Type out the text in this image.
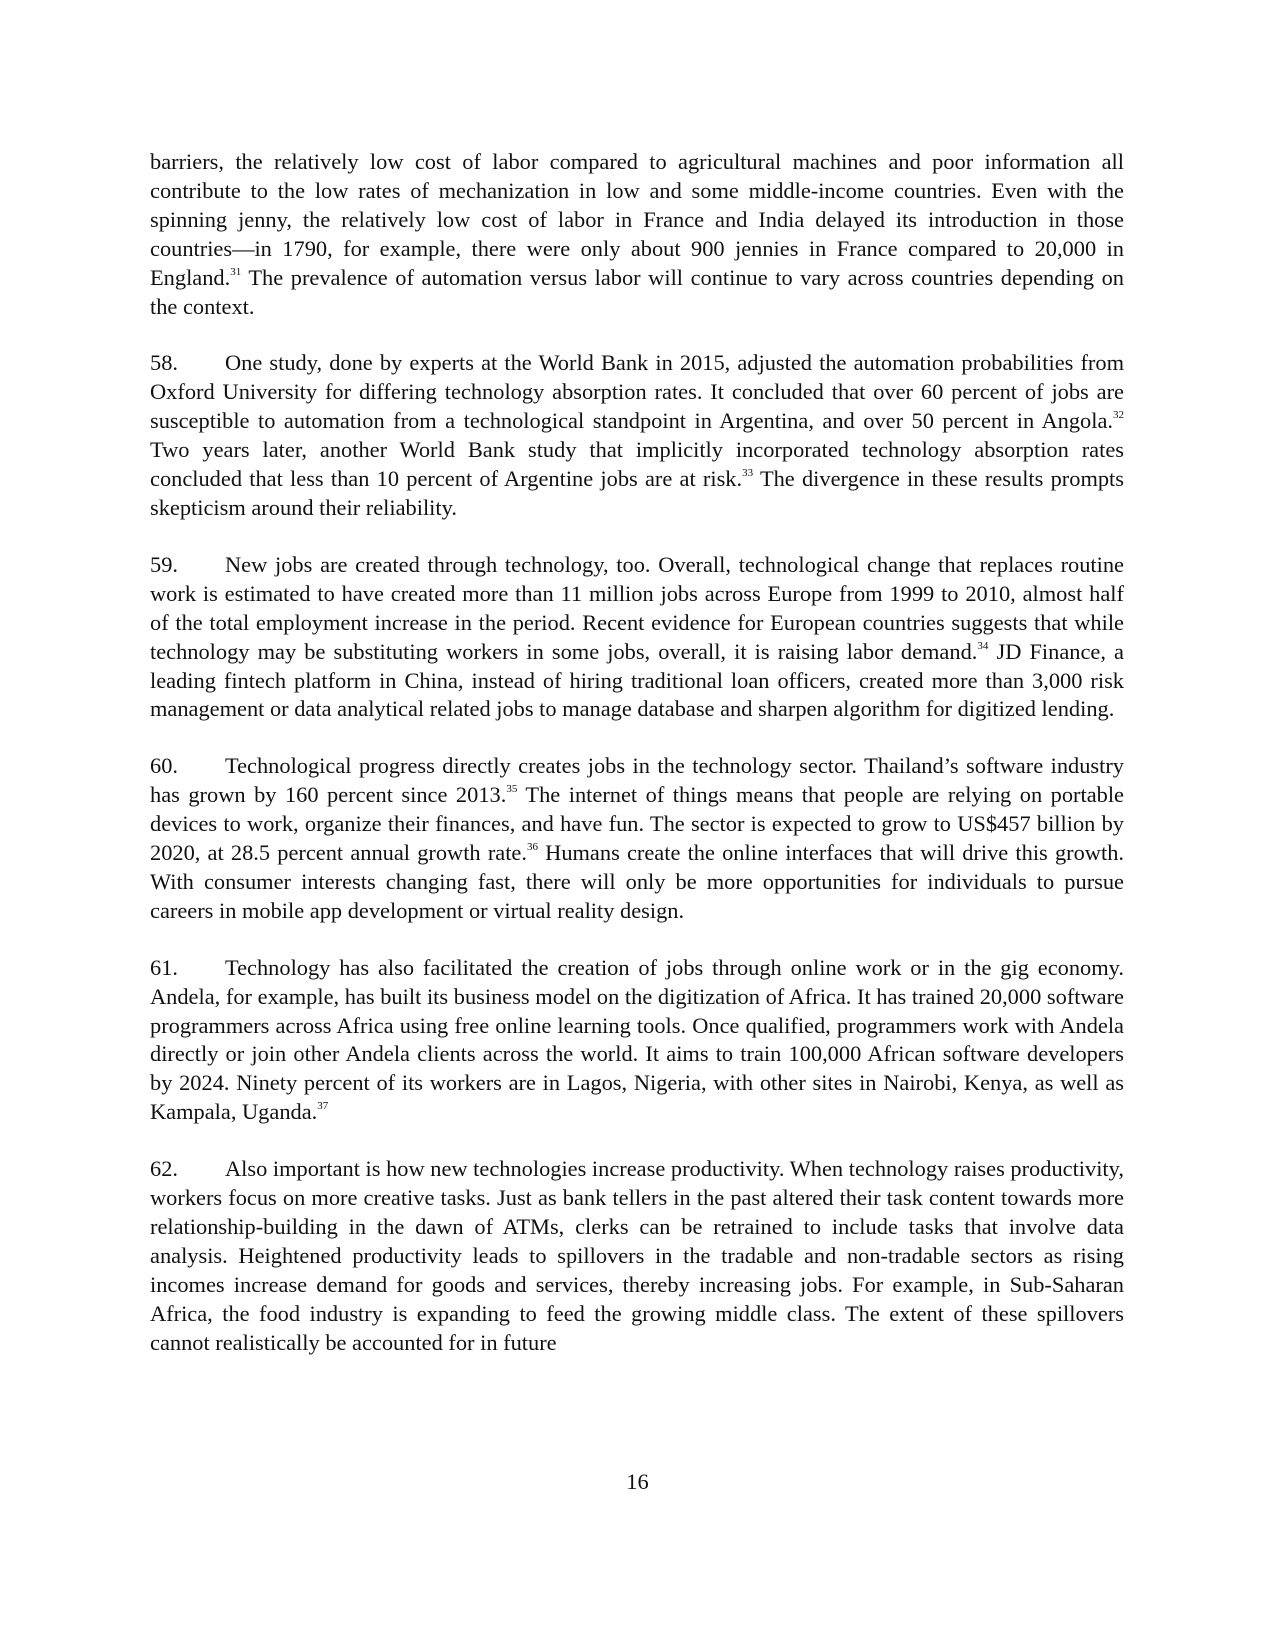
barriers, the relatively low cost of labor compared to agricultural machines and poor information all contribute to the low rates of mechanization in low and some middle-income countries. Even with the spinning jenny, the relatively low cost of labor in France and India delayed its introduction in those countries—in 1790, for example, there were only about 900 jennies in France compared to 20,000 in England.$^{31}$ The prevalence of automation versus labor will continue to vary across countries depending on the context.

58. One study, done by experts at the World Bank in 2015, adjusted the automation probabilities from Oxford University for differing technology absorption rates. It concluded that over 60 percent of jobs are susceptible to automation from a technological standpoint in Argentina, and over 50 percent in Angola.$^{32}$ Two years later, another World Bank study that implicitly incorporated technology absorption rates concluded that less than 10 percent of Argentine jobs are at risk.$^{33}$ The divergence in these results prompts skepticism around their reliability.

59. New jobs are created through technology, too. Overall, technological change that replaces routine work is estimated to have created more than 11 million jobs across Europe from 1999 to 2010, almost half of the total employment increase in the period. Recent evidence for European countries suggests that while technology may be substituting workers in some jobs, overall, it is raising labor demand.$^{34}$ JD Finance, a leading fintech platform in China, instead of hiring traditional loan officers, created more than 3,000 risk management or data analytical related jobs to manage database and sharpen algorithm for digitized lending.

60. Technological progress directly creates jobs in the technology sector. Thailand’s software industry has grown by 160 percent since 2013.35 The internet of things means that people are relying on portable devices to work, organize their finances, and have fun. The sector is expected to grow to US$457 billion by 2020, at 28.5 percent annual growth rate.$^{36}$ Humans create the online interfaces that will drive this growth. With consumer interests changing fast, there will only be more opportunities for individuals to pursue careers in mobile app development or virtual reality design.

61. Technology has also facilitated the creation of jobs through online work or in the gig economy. Andela, for example, has built its business model on the digitization of Africa. It has trained 20,000 software programmers across Africa using free online learning tools. Once qualified, programmers work with Andela directly or join other Andela clients across the world. It aims to train 100,000 African software developers by 2024. Ninety percent of its workers are in Lagos, Nigeria, with other sites in Nairobi, Kenya, as well as Kampala, Uganda.$^{37}$

62. Also important is how new technologies increase productivity. When technology raises productivity, workers focus on more creative tasks. Just as bank tellers in the past altered their task content towards more relationship-building in the dawn of ATMs, clerks can be retrained to include tasks that involve data analysis. Heightened productivity leads to spillovers in the tradable and non-tradable sectors as rising incomes increase demand for goods and services, thereby increasing jobs. For example, in Sub-Saharan Africa, the food industry is expanding to feed the growing middle class. The extent of these spillovers cannot realistically be accounted for in future

16
